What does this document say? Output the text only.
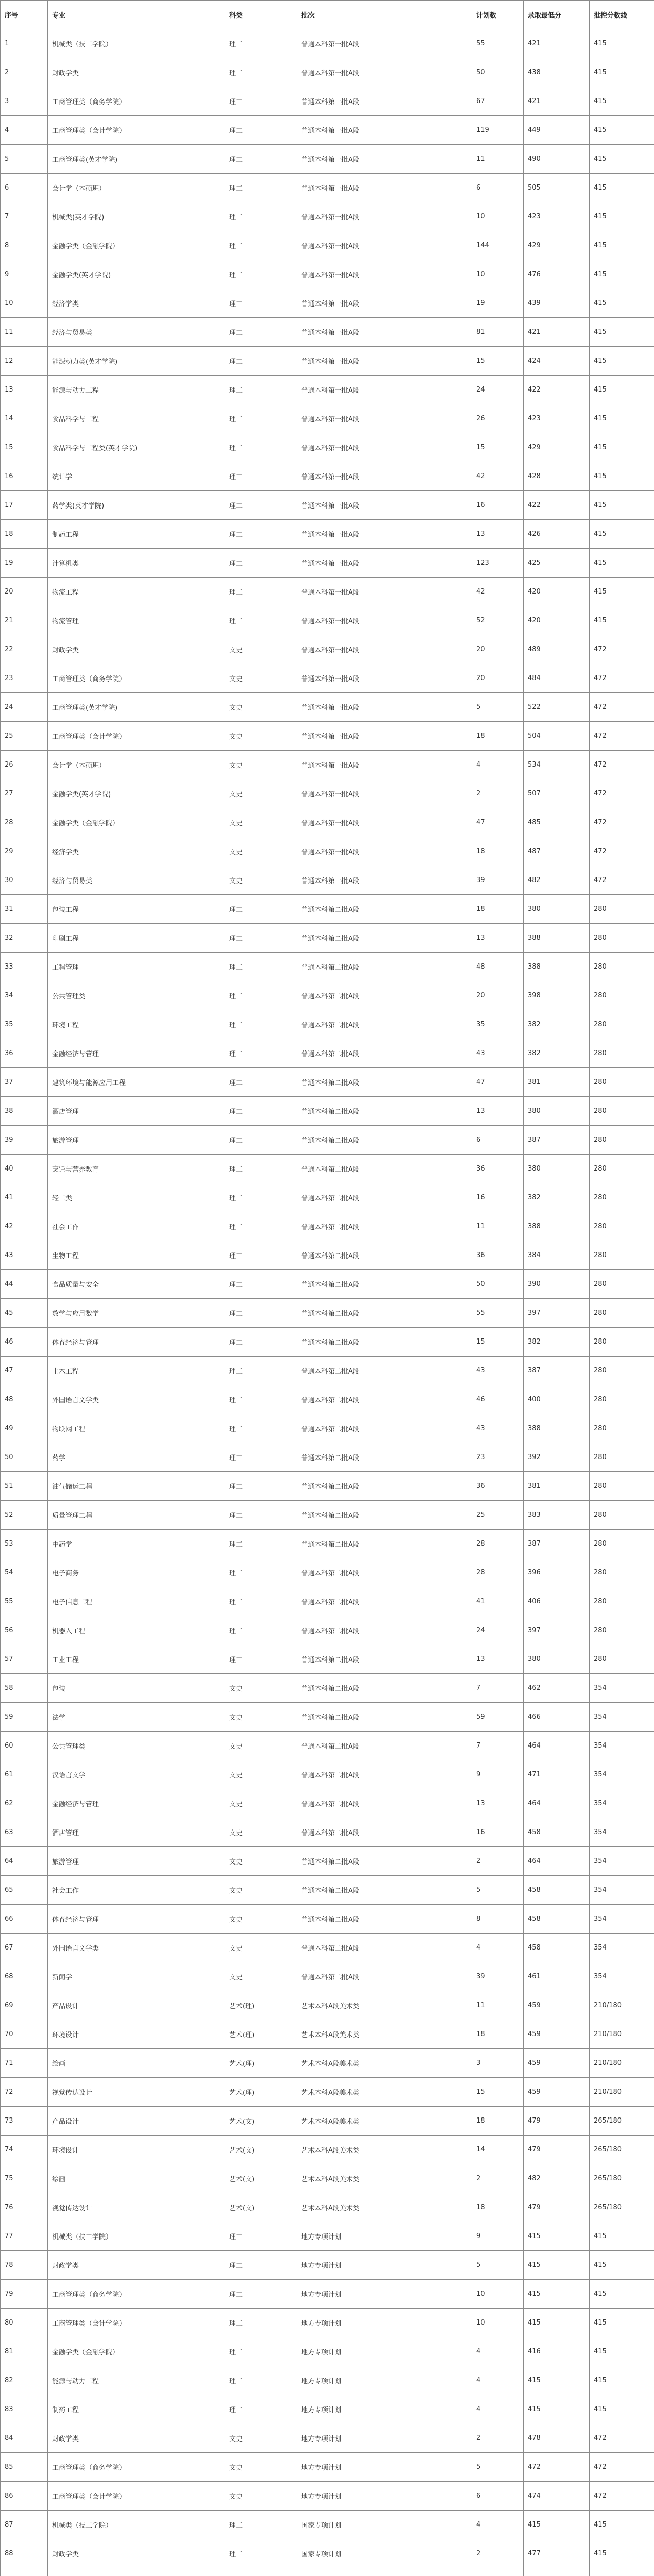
序号	专业	科类	批次	计划数	录取最低分	批控分数线
1	机械类（技工学院）	理工	普通本科第一批A段	55	421	415
2	财政学类	理工	普通本科第一批A段	50	438	415
3	工商管理类（商务学院）	理工	普通本科第一批A段	67	421	415
4	工商管理类（会计学院）	理工	普通本科第一批A段	119	449	415
5	工商管理类(英才学院)	理工	普通本科第一批A段	11	490	415
6	会计学（本硕班）	理工	普通本科第一批A段	6	505	415
7	机械类(英才学院)	理工	普通本科第一批A段	10	423	415
8	金融学类（金融学院）	理工	普通本科第一批A段	144	429	415
9	金融学类(英才学院)	理工	普通本科第一批A段	10	476	415
10	经济学类	理工	普通本科第一批A段	19	439	415
11	经济与贸易类	理工	普通本科第一批A段	81	421	415
12	能源动力类(英才学院)	理工	普通本科第一批A段	15	424	415
13	能源与动力工程	理工	普通本科第一批A段	24	422	415
14	食品科学与工程	理工	普通本科第一批A段	26	423	415
15	食品科学与工程类(英才学院)	理工	普通本科第一批A段	15	429	415
16	统计学	理工	普通本科第一批A段	42	428	415
17	药学类(英才学院)	理工	普通本科第一批A段	16	422	415
18	制药工程	理工	普通本科第一批A段	13	426	415
19	计算机类	理工	普通本科第一批A段	123	425	415
20	物流工程	理工	普通本科第一批A段	42	420	415
21	物流管理	理工	普通本科第一批A段	52	420	415
22	财政学类	文史	普通本科第一批A段	20	489	472
23	工商管理类（商务学院）	文史	普通本科第一批A段	20	484	472
24	工商管理类(英才学院)	文史	普通本科第一批A段	5	522	472
25	工商管理类（会计学院）	文史	普通本科第一批A段	18	504	472
26	会计学（本硕班）	文史	普通本科第一批A段	4	534	472
27	金融学类(英才学院)	文史	普通本科第一批A段	2	507	472
28	金融学类（金融学院）	文史	普通本科第一批A段	47	485	472
29	经济学类	文史	普通本科第一批A段	18	487	472
30	经济与贸易类	文史	普通本科第一批A段	39	482	472
31	包装工程	理工	普通本科第二批A段	18	380	280
32	印刷工程	理工	普通本科第二批A段	13	388	280
33	工程管理	理工	普通本科第二批A段	48	388	280
34	公共管理类	理工	普通本科第二批A段	20	398	280
35	环境工程	理工	普通本科第二批A段	35	382	280
36	金融经济与管理	理工	普通本科第二批A段	43	382	280
37	建筑环境与能源应用工程	理工	普通本科第二批A段	47	381	280
38	酒店管理	理工	普通本科第二批A段	13	380	280
39	旅游管理	理工	普通本科第二批A段	6	387	280
40	烹饪与营养教育	理工	普通本科第二批A段	36	380	280
41	轻工类	理工	普通本科第二批A段	16	382	280
42	社会工作	理工	普通本科第二批A段	11	388	280
43	生物工程	理工	普通本科第二批A段	36	384	280
44	食品质量与安全	理工	普通本科第二批A段	50	390	280
45	数学与应用数学	理工	普通本科第二批A段	55	397	280
46	体育经济与管理	理工	普通本科第二批A段	15	382	280
47	土木工程	理工	普通本科第二批A段	43	387	280
48	外国语言文学类	理工	普通本科第二批A段	46	400	280
49	物联网工程	理工	普通本科第二批A段	43	388	280
50	药学	理工	普通本科第二批A段	23	392	280
51	油气储运工程	理工	普通本科第二批A段	36	381	280
52	质量管理工程	理工	普通本科第二批A段	25	383	280
53	中药学	理工	普通本科第二批A段	28	387	280
54	电子商务	理工	普通本科第二批A段	28	396	280
55	电子信息工程	理工	普通本科第二批A段	41	406	280
56	机器人工程	理工	普通本科第二批A段	24	397	280
57	工业工程	理工	普通本科第二批A段	13	380	280
58	包装	文史	普通本科第二批A段	7	462	354
59	法学	文史	普通本科第二批A段	59	466	354
60	公共管理类	文史	普通本科第二批A段	7	464	354
61	汉语言文学	文史	普通本科第二批A段	9	471	354
62	金融经济与管理	文史	普通本科第二批A段	13	464	354
63	酒店管理	文史	普通本科第二批A段	16	458	354
64	旅游管理	文史	普通本科第二批A段	2	464	354
65	社会工作	文史	普通本科第二批A段	5	458	354
66	体育经济与管理	文史	普通本科第二批A段	8	458	354
67	外国语言文学类	文史	普通本科第二批A段	4	458	354
68	新闻学	文史	普通本科第二批A段	39	461	354
69	产品设计	艺术(理)	艺术本科A段美术类	11	459	210/180
70	环境设计	艺术(理)	艺术本科A段美术类	18	459	210/180
71	绘画	艺术(理)	艺术本科A段美术类	3	459	210/180
72	视觉传达设计	艺术(理)	艺术本科A段美术类	15	459	210/180
73	产品设计	艺术(文)	艺术本科A段美术类	18	479	265/180
74	环境设计	艺术(文)	艺术本科A段美术类	14	479	265/180
75	绘画	艺术(文)	艺术本科A段美术类	2	482	265/180
76	视觉传达设计	艺术(文)	艺术本科A段美术类	18	479	265/180
77	机械类（技工学院）	理工	地方专项计划	9	415	415
78	财政学类	理工	地方专项计划	5	415	415
79	工商管理类（商务学院）	理工	地方专项计划	10	415	415
80	工商管理类（会计学院）	理工	地方专项计划	10	415	415
81	金融学类（金融学院）	理工	地方专项计划	4	416	415
82	能源与动力工程	理工	地方专项计划	4	415	415
83	制药工程	理工	地方专项计划	4	415	415
84	财政学类	文史	地方专项计划	2	478	472
85	工商管理类（商务学院）	文史	地方专项计划	5	472	472
86	工商管理类（会计学院）	文史	地方专项计划	6	474	472
87	机械类（技工学院）	理工	国家专项计划	4	415	415
88	财政学类	理工	国家专项计划	2	477	415
